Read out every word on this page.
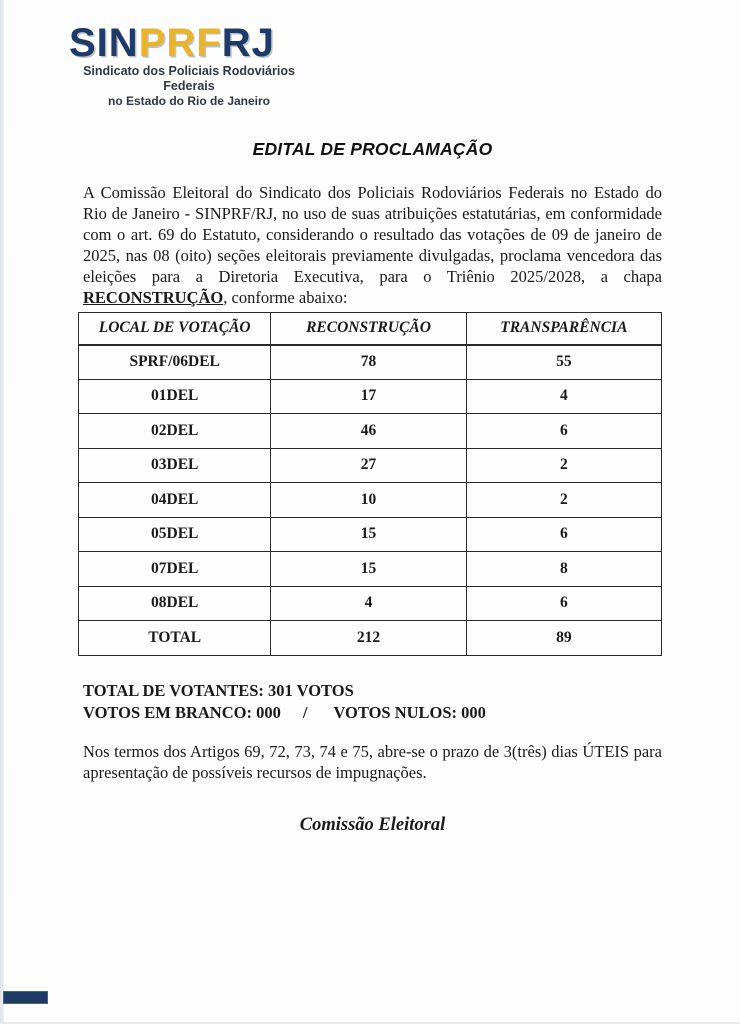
SINPRFRJ
Sindicato dos Policiais Rodoviários Federais
no Estado do Rio de Janeiro
EDITAL DE PROCLAMAÇÃO

A Comissão Eleitoral do Sindicato dos Policiais Rodoviários Federais no Estado do Rio de Janeiro - SINPRF/RJ, no uso de suas atribuições estatutárias, em conformidade com o art. 69 do Estatuto, considerando o resultado das votações de 09 de janeiro de 2025, nas 08 (oito) seções eleitorais previamente divulgadas, proclama vencedora das eleições para a Diretoria Executiva, para o Triênio 2025/2028, a chapa RECONSTRUÇÃO, conforme abaixo:

LOCAL DE VOTAÇÃO	RECONSTRUÇÃO	TRANSPARÊNCIA
SPRF/06DEL	78	55
01DEL	17	4
02DEL	46	6
03DEL	27	2
04DEL	10	2
05DEL	15	6
07DEL	15	8
08DEL	4	6
TOTAL	212	89
TOTAL DE VOTANTES: 301 VOTOS
VOTOS EM BRANCO: 000 / VOTOS NULOS: 000

Nos termos dos Artigos 69, 72, 73, 74 e 75, abre-se o prazo de 3(três) dias ÚTEIS para apresentação de possíveis recursos de impugnações.

Comissão Eleitoral
